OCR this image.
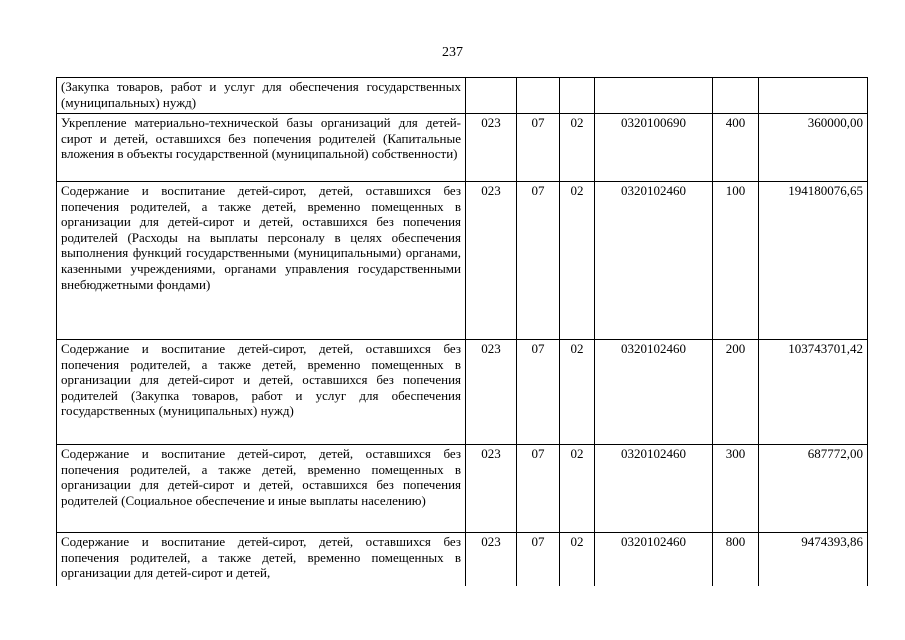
237
(Закупка товаров, работ и услуг для обеспечения государственных (муниципальных) нужд)						

Укрепление материально-технической базы организаций для детей-сирот и детей, оставшихся без попечения родителей (Капитальные вложения в объекты государственной (муниципальной) собственности)	023	07	02	0320100690	400	360000,00

Содержание и воспитание детей-сирот, детей, оставшихся без попечения родителей, а также детей, временно помещенных в организации для детей-сирот и детей, оставшихся без попечения родителей (Расходы на выплаты персоналу в целях обеспечения выполнения функций государственными (муниципальными) органами, казенными учреждениями, органами управления государственными внебюджетными фондами)	023	07	02	0320102460	100	194180076,65

Содержание и воспитание детей-сирот, детей, оставшихся без попечения родителей, а также детей, временно помещенных в организации для детей-сирот и детей, оставшихся без попечения родителей (Закупка товаров, работ и услуг для обеспечения государственных (муниципальных) нужд)	023	07	02	0320102460	200	103743701,42

Содержание и воспитание детей-сирот, детей, оставшихся без попечения родителей, а также детей, временно помещенных в организации для детей-сирот и детей, оставшихся без попечения родителей (Социальное обеспечение и иные выплаты населению)	023	07	02	0320102460	300	687772,00

Содержание и воспитание детей-сирот, детей, оставшихся без попечения родителей, а также детей, временно помещенных в организации для детей-сирот и детей,	023	07	02	0320102460	800	9474393,86
